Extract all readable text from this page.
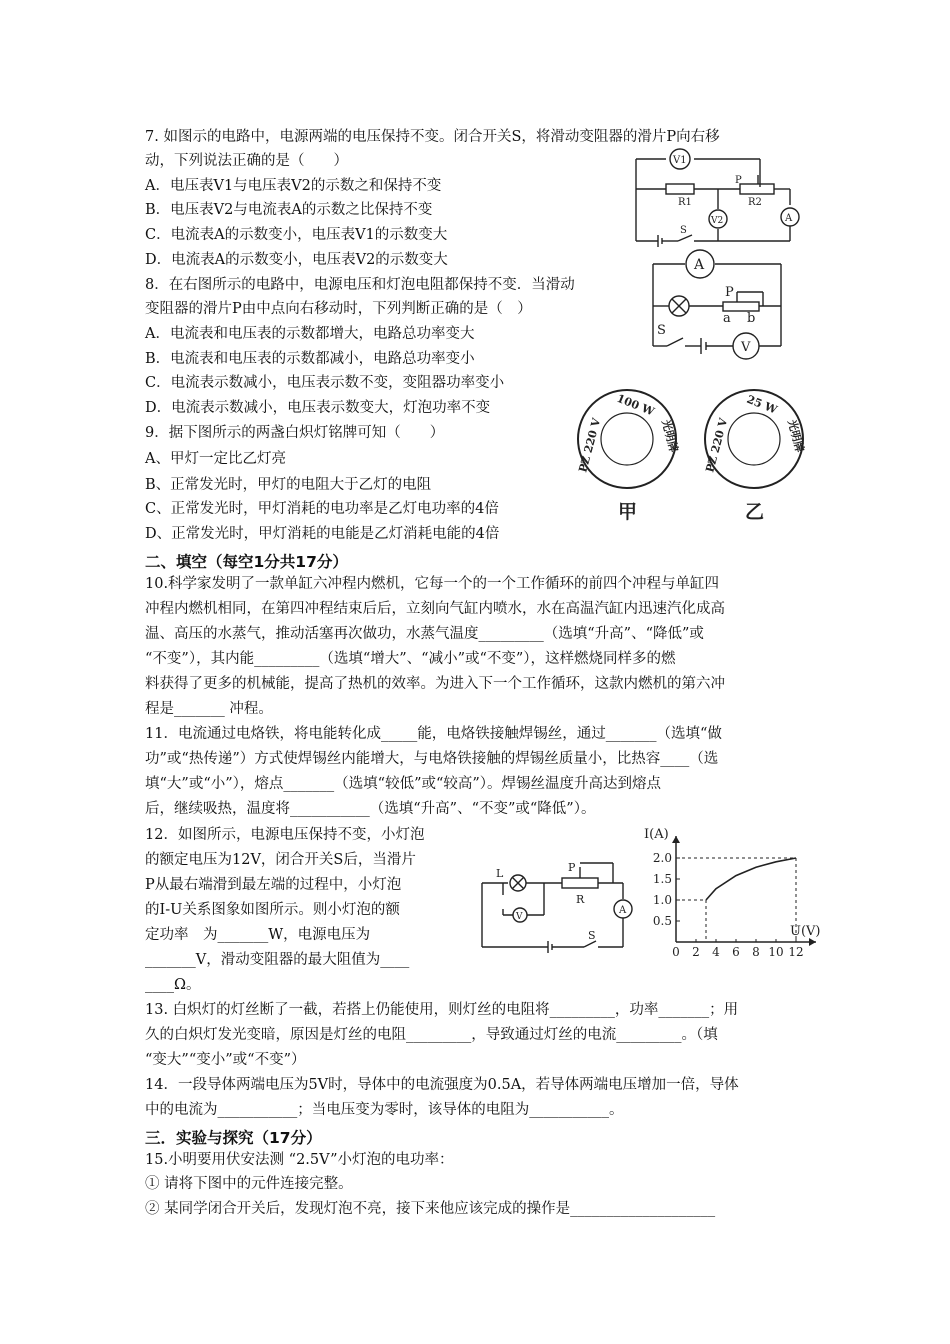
7. 如图示的电路中，电源两端的电压保持不变。闭合开关S，将滑动变阻器的滑片P向右移
动，下列说法正确的是（　　）
A．电压表V1与电压表V2的示数之和保持不变
B．电压表V2与电流表A的示数之比保持不变
C．电流表A的示数变小，电压表V1的示数变大
D．电流表A的示数变小，电压表V2的示数变大
V1
P
R1	R2
V2	A
S
8．在右图所示的电路中，电源电压和灯泡电阻都保持不变．当滑动
变阻器的滑片P由中点向右移动时，下列判断正确的是（　）
A．电流表和电压表的示数都增大，电路总功率变大
B．电流表和电压表的示数都减小，电路总功率变小
C．电流表示数减小，电压表示数不变，变阻器功率变小
D．电流表示数减小，电压表示数变大，灯泡功率不变
A
P
a b
S
V
9．据下图所示的两盏白炽灯铭牌可知（　　）
A、甲灯一定比乙灯亮
B、正常发光时，甲灯的电阻大于乙灯的电阻
C、正常发光时，甲灯消耗的电功率是乙灯电功率的4倍
D、正常发光时，甲灯消耗的电能是乙灯消耗电能的4倍
PZ 220 V
100 W
光明牌
甲
PZ 220 V
25 W
光明牌
乙
二、填空（每空1分共17分）
10.科学家发明了一款单缸六冲程内燃机，它每一个的一个工作循环的前四个冲程与单缸四
冲程内燃机相同，在第四冲程结束后后，立刻向气缸内喷水，水在高温汽缸内迅速汽化成高
温、高压的水蒸气，推动活塞再次做功，水蒸气温度_________（选填“升高”、“降低”或
“不变”），其内能_________（选填“增大”、“减小”或“不变”），这样燃烧同样多的燃
料获得了更多的机械能，提高了热机的效率。为进入下一个工作循环，这款内燃机的第六冲
程是_______ 冲程。
11．电流通过电烙铁，将电能转化成_____能，电烙铁接触焊锡丝，通过_______（选填“做
功”或“热传递”）方式使焊锡丝内能增大，与电烙铁接触的焊锡丝质量小，比热容____（选
填“大”或“小”），熔点_______（选填“较低”或“较高”）。焊锡丝温度升高达到熔点
后，继续吸热，温度将___________（选填“升高”、“不变”或“降低”）。
12．如图所示，电源电压保持不变，小灯泡
的额定电压为12V，闭合开关S后，当滑片
P从最右端滑到最左端的过程中，小灯泡
的I-U关系图象如图所示。则小灯泡的额
定功率　为_______W，电源电压为
_______V，滑动变阻器的最大阻值为____
____Ω。
L	P
R
V
A
S
I(A)
U(V)
0 2 4 6 8 10 12
0.5
1.0
1.5
2.0
13. 白炽灯的灯丝断了一截，若搭上仍能使用，则灯丝的电阻将_________，功率_______；用
久的白炽灯发光变暗，原因是灯丝的电阻_________，导致通过灯丝的电流_________。（填
“变大”“变小”或“不变”）
14．一段导体两端电压为5V时，导体中的电流强度为0.5A，若导体两端电压增加一倍，导体
中的电流为___________；当电压变为零时，该导体的电阻为___________。
三．实验与探究（17分）
15.小明要用伏安法测 “2.5V”小灯泡的电功率：
① 请将下图中的元件连接完整。
② 某同学闭合开关后，发现灯泡不亮，接下来他应该完成的操作是____________________
